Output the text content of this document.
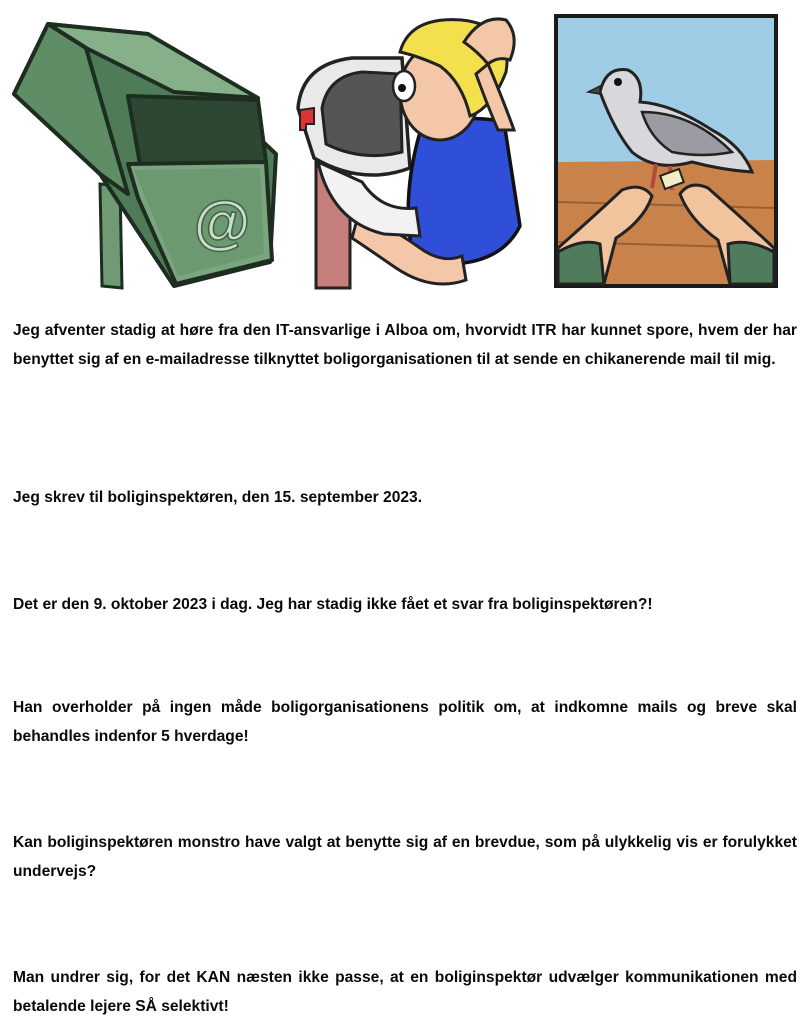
@

Jeg afventer stadig at høre fra den IT-ansvarlige i Alboa om, hvorvidt ITR har kunnet spore, hvem der har benyttet sig af en e-mailadresse tilknyttet boligorganisationen til at sende en chikanerende mail til mig.

Jeg skrev til boliginspektøren, den 15. september 2023.

Det er den 9. oktober 2023 i dag. Jeg har stadig ikke fået et svar fra boliginspektøren?!

Han overholder på ingen måde boligorganisationens politik om, at indkomne mails og breve skal behandles indenfor 5 hverdage!

Kan boliginspektøren monstro have valgt at benytte sig af en brevdue, som på ulykkelig vis er forulykket undervejs?

Man undrer sig, for det KAN næsten ikke passe, at en boliginspektør udvælger kommunikationen med betalende lejere SÅ selektivt!
